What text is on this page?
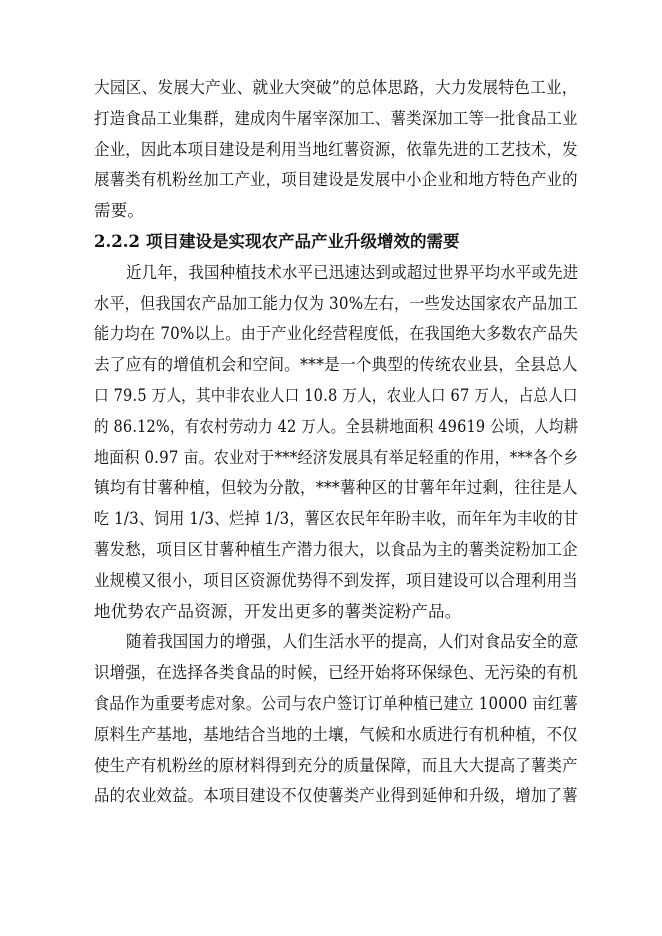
大园区、发展大产业、就业大突破”的总体思路，大力发展特色工业，
打造食品工业集群，建成肉牛屠宰深加工、薯类深加工等一批食品工业
企业，因此本项目建设是利用当地红薯资源，依靠先进的工艺技术，发
展薯类有机粉丝加工产业，项目建设是发展中小企业和地方特色产业的
需要。
2.2.2 项目建设是实现农产品产业升级增效的需要
近几年，我国种植技术水平已迅速达到或超过世界平均水平或先进
水平，但我国农产品加工能力仅为 30%左右，一些发达国家农产品加工
能力均在 70%以上。由于产业化经营程度低，在我国绝大多数农产品失
去了应有的增值机会和空间。***是一个典型的传统农业县，全县总人
口 79.5 万人，其中非农业人口 10.8 万人，农业人口 67 万人，占总人口
的 86.12%，有农村劳动力 42 万人。全县耕地面积 49619 公顷，人均耕
地面积 0.97 亩。农业对于***经济发展具有举足轻重的作用，***各个乡
镇均有甘薯种植，但较为分散，***薯种区的甘薯年年过剩，往往是人
吃 1/3、饲用 1/3、烂掉 1/3，薯区农民年年盼丰收，而年年为丰收的甘
薯发愁，项目区甘薯种植生产潜力很大，以食品为主的薯类淀粉加工企
业规模又很小，项目区资源优势得不到发挥，项目建设可以合理利用当
地优势农产品资源，开发出更多的薯类淀粉产品。
随着我国国力的增强，人们生活水平的提高，人们对食品安全的意
识增强，在选择各类食品的时候，已经开始将环保绿色、无污染的有机
食品作为重要考虑对象。公司与农户签订订单种植已建立 10000 亩红薯
原料生产基地，基地结合当地的土壤，气候和水质进行有机种植，不仅
使生产有机粉丝的原材料得到充分的质量保障，而且大大提高了薯类产
品的农业效益。本项目建设不仅使薯类产业得到延伸和升级，增加了薯
